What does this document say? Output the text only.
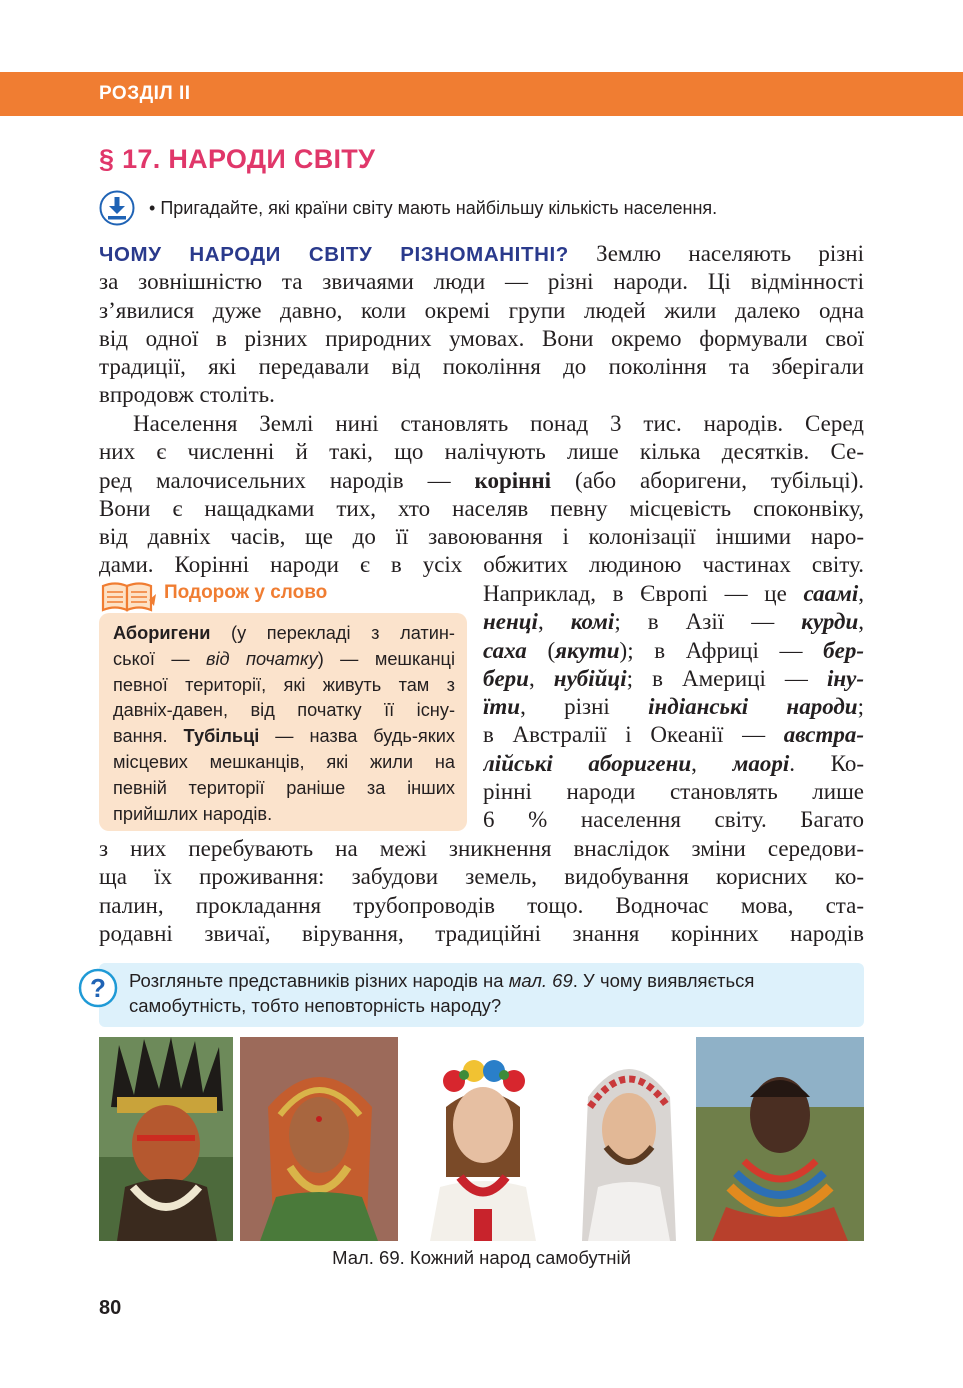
РОЗДІЛ II
§ 17. НАРОДИ СВІТУ
• Пригадайте, які країни світу мають найбільшу кількість населення.
ЧОМУ НАРОДИ СВІТУ РІЗНОМАНІТНІ? Землю населяють різні
за зовнішністю та звичаями люди — різні народи. Ці відмінності
з’явилися дуже давно, коли окремі групи людей жили далеко одна
від одної в різних природних умовах. Вони окремо формували свої
традиції, які передавали від покоління до покоління та зберігали
впродовж століть.
Населення Землі нині становлять понад 3 тис. народів. Серед
них є численні й такі, що налічують лише кілька десятків. Се-
ред малочисельних народів — корінні (або аборигени, тубільці).
Вони є нащадками тих, хто населяв певну місцевість споконвіку,
від давніх часів, ще до її завоювання і колонізації іншими наро-
дами. Корінні народи є в усіх обжитих людиною частинах світу.
Аборигени (у перекладі з латин-
ської — від початку) — мешканці
певної території, які живуть там з
давніх-давен, від початку її існу-
вання. Тубільці — назва будь-яких
місцевих мешканців, які жили на
певній території раніше за інших
прийшлих народів.
Подорож у слово	Наприклад, в Європі — це саамі,
ненці, комі; в Азії — курди,
саха (якути); в Африці — бер-
бери, нубійці; в Америці — іну-
їти, різні індіанські народи;
в Австралії і Океанії — австра-
лійські аборигени, маорі. Ко-
рінні народи становлять лише
6 % населення світу. Багато
з них перебувають на межі зникнення внаслідок зміни середови-
ща їх проживання: забудови земель, видобування корисних ко-
палин, прокладання трубопроводів тощо. Водночас мова, ста-
родавні звичаї, вірування, традиційні знання корінних народів

Розгляньте представників різних народів на мал. 69. У чому виявляється самобутність, тобто неповторність народу?

?
Мал. 69. Кожний народ самобутній
80
